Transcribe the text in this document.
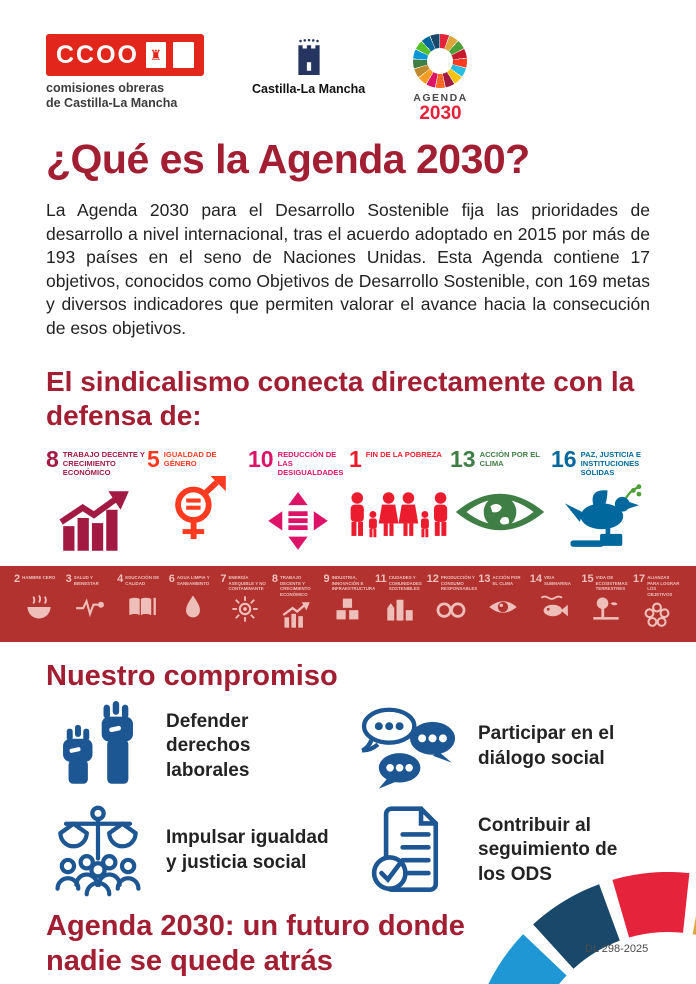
CCOO ♜
comisiones obreras
de Castilla-La Mancha
Castilla-La Mancha
AGENDA
2030
¿Qué es la Agenda 2030?

La Agenda 2030 para el Desarrollo Sostenible fija las prioridades de desarrollo a nivel internacional, tras el acuerdo adoptado en 2015 por más de 193 países en el seno de Naciones Unidas. Esta Agenda contiene 17 objetivos, conocidos como Objetivos de Desarrollo Sostenible, con 169 metas y diversos indicadores que permiten valorar el avance hacia la consecución de esos objetivos.

El sindicalismo conecta directamente con la defensa de:
8 TRABAJO DECENTE Y CRECIMIENTO ECONÓMICO
5 IGUALDAD DE GÉNERO	10 REDUCCIÓN DE LAS DESIGUALDADES
1 FIN DE LA POBREZA 13 ACCIÓN POR EL CLIMA	16 PAZ, JUSTICIA E INSTITUCIONES SÓLIDAS
2 HAMBRE CERO 3 SALUD Y BIENESTAR	4 EDUCACIÓN DE CALIDAD	6 AGUA LIMPIA Y SANEAMIENTO	7 ENERGÍA ASEQUIBLE Y NO CONTAMINANTE
8 TRABAJO DECENTE Y CRECIMIENTO ECONÓMICO
9 INDUSTRIA, INNOVACIÓN E INFRAESTRUCTURA
11 CIUDADES Y COMUNIDADES SOSTENIBLES
12 PRODUCCIÓN Y CONSUMO RESPONSABLES
13 ACCIÓN POR EL CLIMA	14 VIDA SUBMARINA 15 VIDA DE ECOSISTEMAS TERRESTRES
17 ALIANZAS PARA LOGRAR LOS OBJETIVOS
Nuestro compromiso
Defender derechos laborales
Participar en el diálogo social
Impulsar igualdad y justicia social
Contribuir al seguimiento de los ODS
Agenda 2030: un futuro donde nadie se quede atrás	DL 298-2025
